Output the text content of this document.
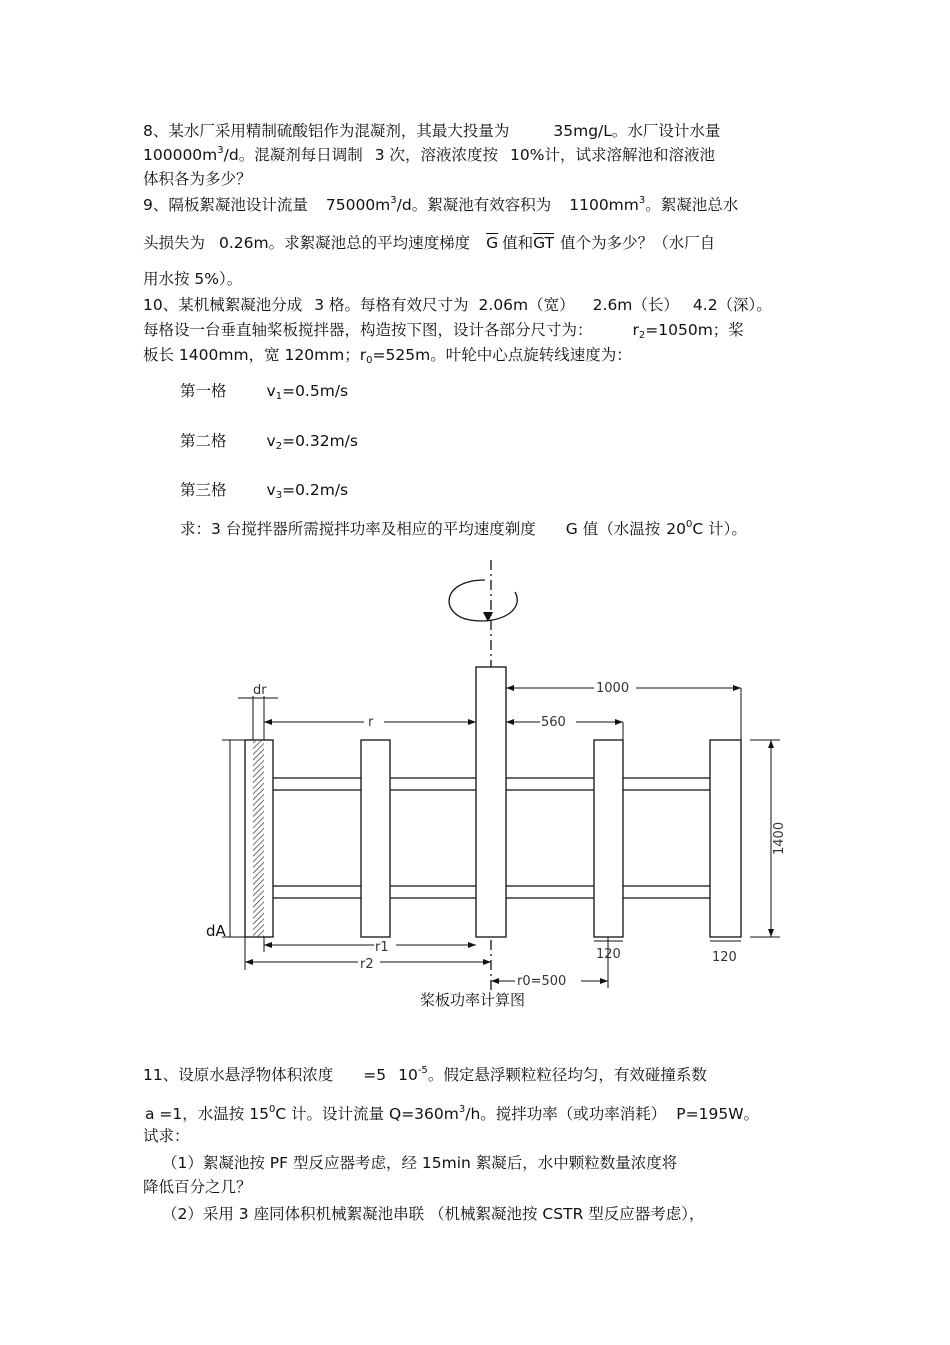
8、某水厂采用精制硫酸铝作为混凝剂，其最大投量为	35mg/L。水厂设计水量
$100000m^3/d$。混凝剂每日调制 3 次，溶液浓度按 10%计，试求溶解池和溶液池
体积各为多少？
9、隔板絮凝池设计流量 $75000m^3/d$。絮凝池有效容积为 $1100mm^3$。絮凝池总水
头损失为 0.26m。求絮凝池总的平均速度梯度 $\overline{G}$ 值和$\overline{GT}$ 值个为多少？（水厂自
用水按 5%）。
10、某机械絮凝池分成 3 格。每格有效尺寸为 2.06m（宽） 2.6m（长） 4.2（深）。
每格设一台垂直轴桨板搅拌器，构造按下图，设计各部分尺寸为：	$r_2=1050m$；桨
板长 1400mm，宽 120mm；$r_0=525m$。叶轮中心点旋转线速度为：
第一格	$v_1=0.5m/s$
第二格	$v_2=0.32m/s$
第三格	$v_3=0.2m/s$
求：3 台搅拌器所需搅拌功率及相应的平均速度剃度 G 值（水温按 $20^0C$ 计）。
dr
r
1000
560
1400
dA
r1
r2
r0=500
120	120
桨板功率计算图
11、设原水悬浮物体积浓度 =5 $10^{-5}$。假定悬浮颗粒粒径均匀，有效碰撞系数
a =1，水温按 $15^0C$ 计。设计流量 $Q=360m^3/h$。搅拌功率（或功率消耗） P=195W。
试求：
（1）絮凝池按 PF 型反应器考虑，经 15min 絮凝后，水中颗粒数量浓度将
降低百分之几？
（2）采用 3 座同体积机械絮凝池串联 （机械絮凝池按 CSTR 型反应器考虑），
